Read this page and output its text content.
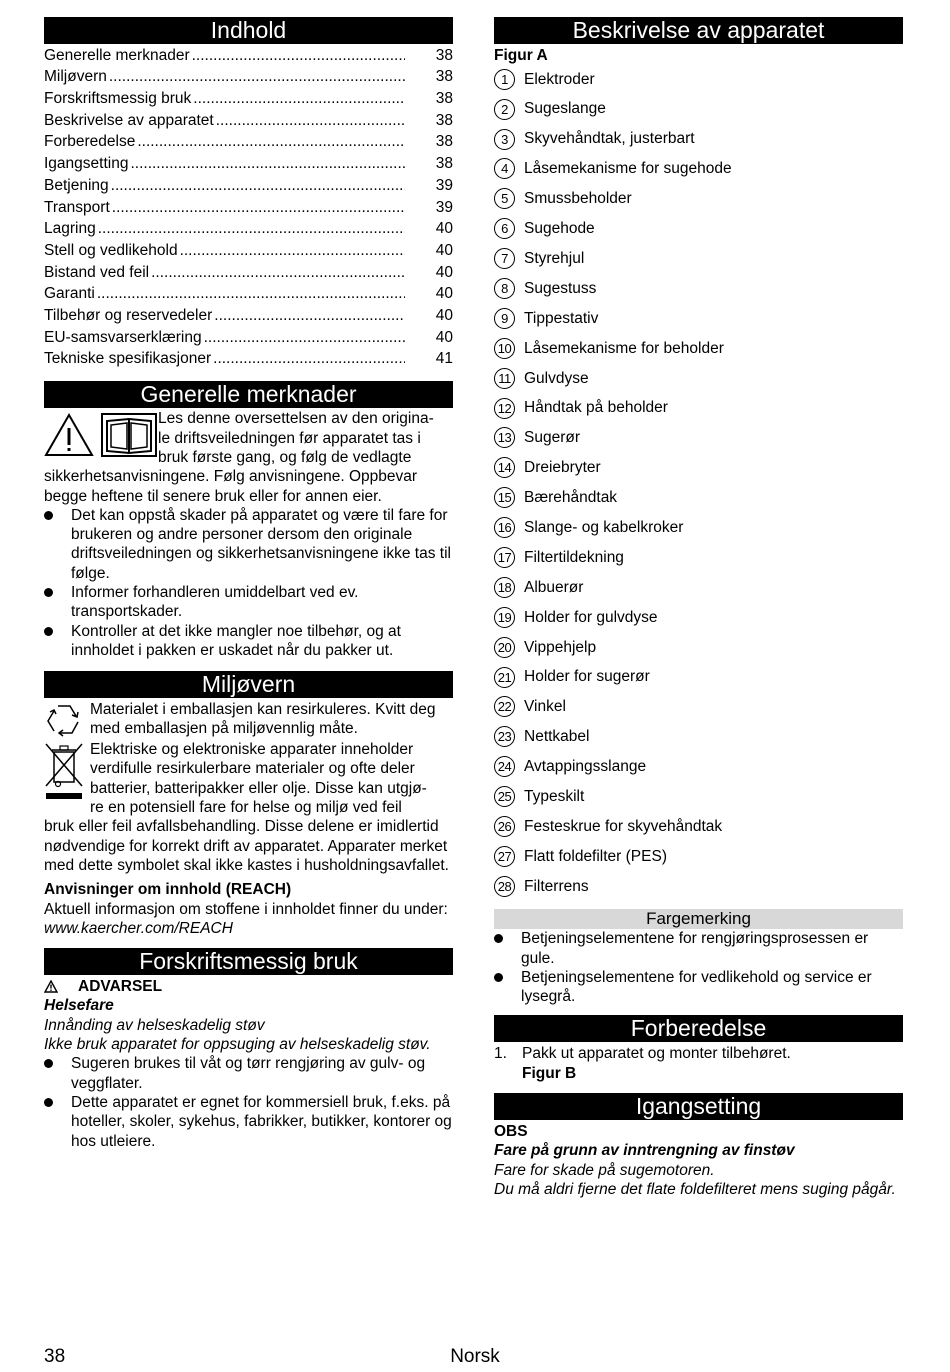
Indhold
Generelle merknader .....	38
Miljøvern .....	38
Forskriftsmessig bruk .....	38
Beskrivelse av apparatet .....	38
Forberedelse .....	38
Igangsetting .....	38
Betjening .....	39
Transport .....	39
Lagring .....	40
Stell og vedlikehold .....	40
Bistand ved feil .....	40
Garanti .....	40
Tilbehør og reservedeler .....	40
EU-samsvarserklæring .....	40
Tekniske spesifikasjoner .....	41
Generelle merknader
Les denne oversettelsen av den origina-
le driftsveiledningen før apparatet tas i
bruk første gang, og følg de vedlagte

sikkerhetsanvisningene. Følg anvisningene. Oppbevar begge heftene til senere bruk eller for annen eier.

Det kan oppstå skader på apparatet og være til fare for brukeren og andre personer dersom den originale driftsveiledningen og sikkerhetsanvisningene ikke tas til følge.
Informer forhandleren umiddelbart ved ev. transportskader.
Kontroller at det ikke mangler noe tilbehør, og at innholdet i pakken er uskadet når du pakker ut.
Miljøvern

Materialet i emballasjen kan resirkuleres. Kvitt deg med emballasjen på miljøvennlig måte.

Elektriske og elektroniske apparater inneholder
verdifulle resirkulerbare materialer og ofte deler
batterier, batteripakker eller olje. Disse kan utgjø-
re en potensiell fare for helse og miljø ved feil

bruk eller feil avfallsbehandling. Disse delene er imidlertid nødvendige for korrekt drift av apparatet. Apparater merket med dette symbolet skal ikke kastes i husholdningsavfallet.

Anvisninger om innhold (REACH)

Aktuell informasjon om stoffene i innholdet finner du under: www.kaercher.com/REACH

Forskriftsmessig bruk
ADVARSEL

Helsefare

Innånding av helseskadelig støv

Ikke bruk apparatet for oppsuging av helseskadelig støv.

Sugeren brukes til våt og tørr rengjøring av gulv- og veggflater.
Dette apparatet er egnet for kommersiell bruk, f.eks. på hoteller, skoler, sykehus, fabrikker, butikker, kontorer og hos utleiere.
Beskrivelse av apparatet

Figur A

1	Elektroder
2	Sugeslange
3	Skyvehåndtak, justerbart
4	Låsemekanisme for sugehode
5	Smussbeholder
6	Sugehode
7	Styrehjul
8	Sugestuss
9	Tippestativ
10 Låsemekanisme for beholder
11 Gulvdyse
12 Håndtak på beholder
13 Sugerør
14 Dreiebryter
15 Bærehåndtak
16 Slange- og kabelkroker
17 Filtertildekning
18 Albuerør
19 Holder for gulvdyse
20 Vippehjelp
21 Holder for sugerør
22 Vinkel
23 Nettkabel
24 Avtappingsslange
25 Typeskilt
26 Festeskrue for skyvehåndtak
27 Flatt foldefilter (PES)
28 Filterrens
Fargemerking
Betjeningselementene for rengjøringsprosessen er gule.
Betjeningselementene for vedlikehold og service er lysegrå.
Forberedelse
1. Pakk ut apparatet og monter tilbehøret.
Figur B
Igangsetting

OBS

Fare på grunn av inntrengning av finstøv

Fare for skade på sugemotoren.

Du må aldri fjerne det flate foldefilteret mens suging pågår.

38	Norsk
